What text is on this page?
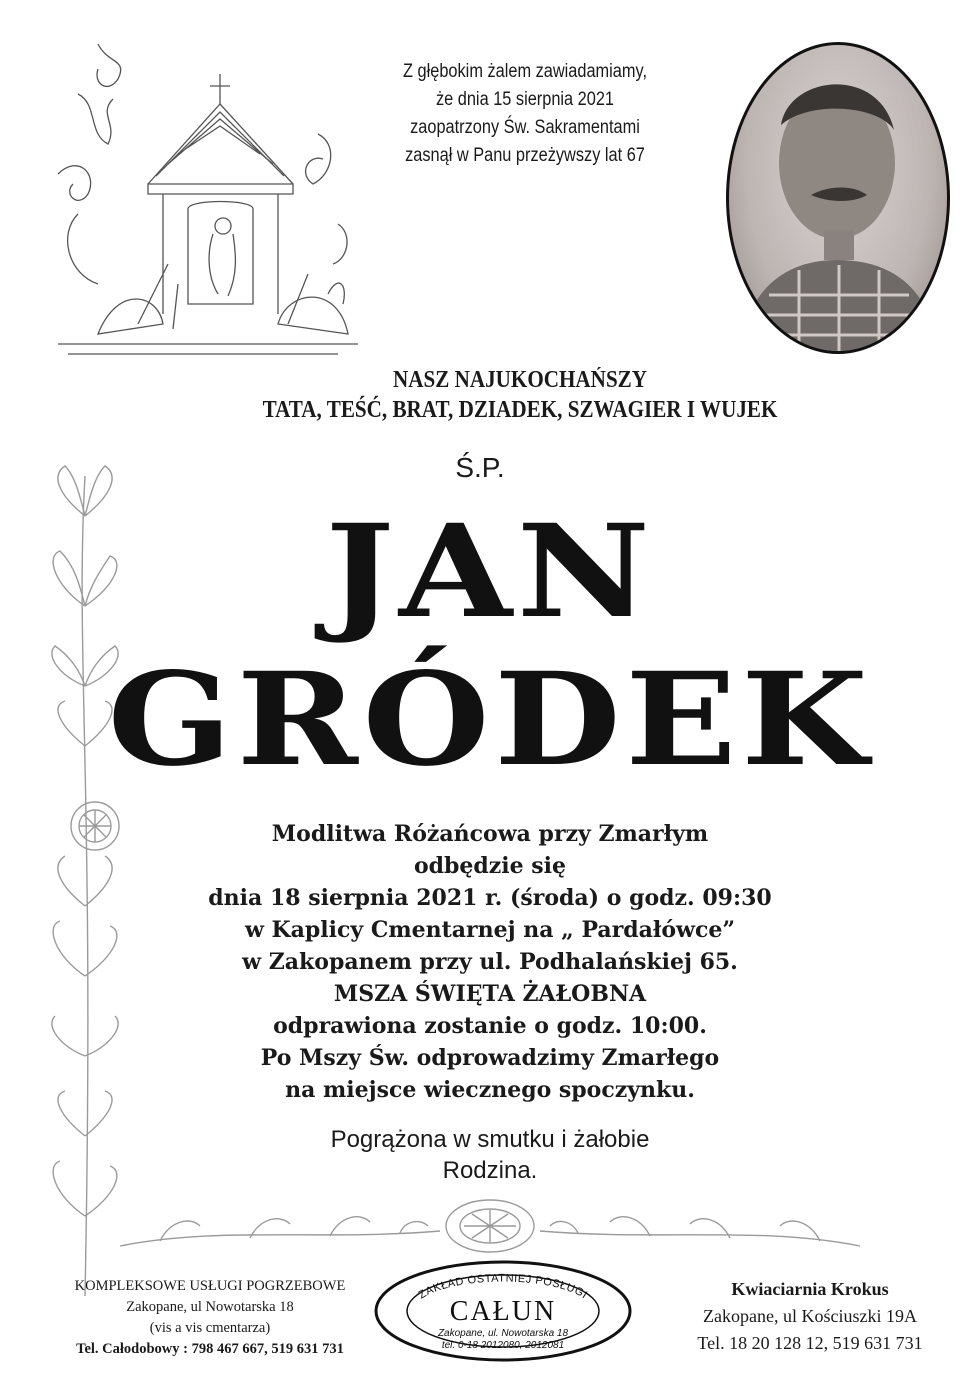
Z głębokim żalem zawiadamiamy,
że dnia 15 sierpnia 2021
zaopatrzony Św. Sakramentami
zasnął w Panu przeżywszy lat 67
NASZ NAJUKOCHAŃSZY
TATA, TEŚĆ, BRAT, DZIADEK, SZWAGIER I WUJEK
Ś.P.
JAN
GRÓDEK
Modlitwa Różańcowa przy Zmarłym
odbędzie się
dnia 18 sierpnia 2021 r. (środa) o godz. 09:30
w Kaplicy Cmentarnej na „ Pardałówce”
w Zakopanem przy ul. Podhalańskiej 65.
MSZA ŚWIĘTA ŻAŁOBNA
odprawiona zostanie o godz. 10:00.
Po Mszy Św. odprowadzimy Zmarłego
na miejsce wiecznego spoczynku.
Pogrążona w smutku i żałobie
Rodzina.
KOMPLEKSOWE USŁUGI POGRZEBOWE
Zakopane, ul Nowotarska 18
(vis a vis cmentarza)
Tel. Całodobowy : 798 467 667, 519 631 731
ZAKŁAD OSTATNIEJ POSŁUGI
CAŁUN
Zakopane, ul. Nowotarska 18
tel. 0-18 2012080, 2012081
Kwiaciarnia Krokus
Zakopane, ul Kościuszki 19A
Tel. 18 20 128 12, 519 631 731
